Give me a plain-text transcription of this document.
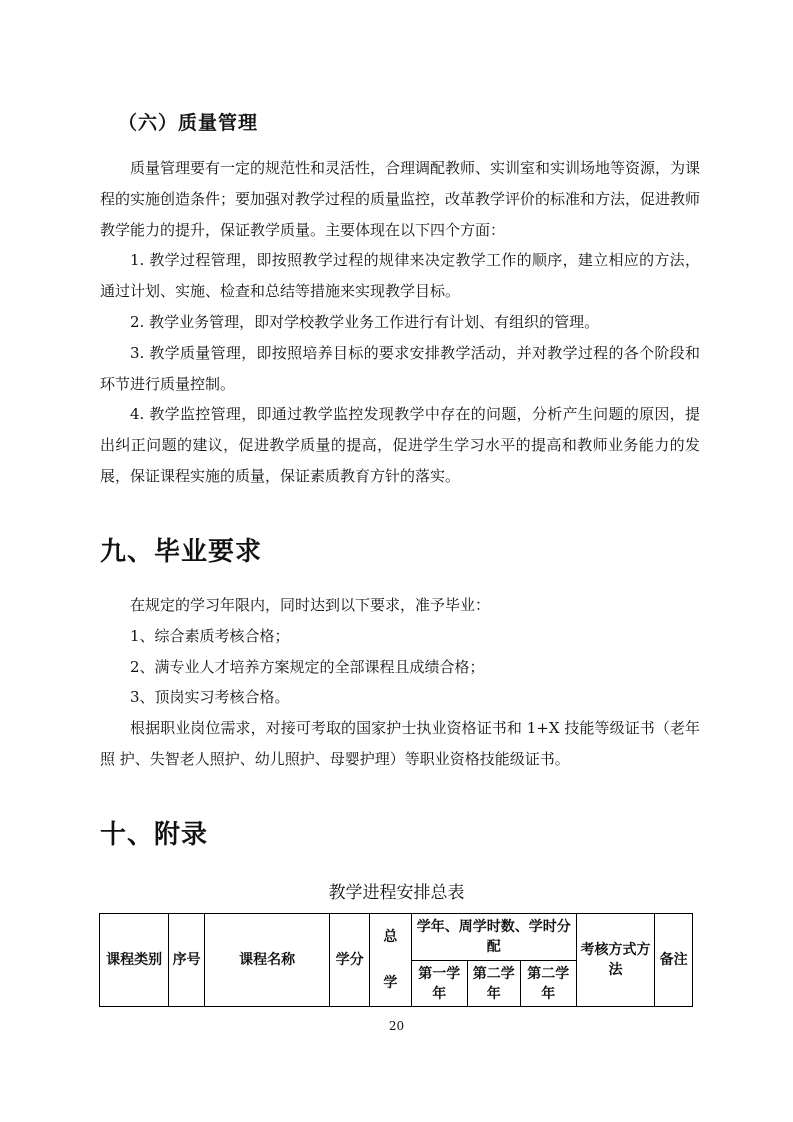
（六）质量管理

质量管理要有一定的规范性和灵活性，合理调配教师、实训室和实训场地等资源，为课程的实施创造条件；要加强对教学过程的质量监控，改革教学评价的标准和方法，促进教师教学能力的提升，保证教学质量。主要体现在以下四个方面：

1. 教学过程管理，即按照教学过程的规律来决定教学工作的顺序，建立相应的方法，通过计划、实施、检查和总结等措施来实现教学目标。

2. 教学业务管理，即对学校教学业务工作进行有计划、有组织的管理。

3. 教学质量管理，即按照培养目标的要求安排教学活动，并对教学过程的各个阶段和环节进行质量控制。

4. 教学监控管理，即通过教学监控发现教学中存在的问题，分析产生问题的原因，提出纠正问题的建议，促进教学质量的提高，促进学生学习水平的提高和教师业务能力的发展，保证课程实施的质量，保证素质教育方针的落实。

九、毕业要求

在规定的学习年限内，同时达到以下要求，准予毕业：

1、综合素质考核合格；

2、满专业人才培养方案规定的全部课程且成绩合格；

3、顶岗实习考核合格。

根据职业岗位需求，对接可考取的国家护士执业资格证书和 1+X 技能等级证书（老年照 护、失智老人照护、幼儿照护、母婴护理）等职业资格技能级证书。

十、附录
教学进程安排总表
课程类别	序号	课程名称	学分	总	学年、周学时数、学时分配			考核方式方法	备注
				学	第一学年	第二学年	第二学年		
20
